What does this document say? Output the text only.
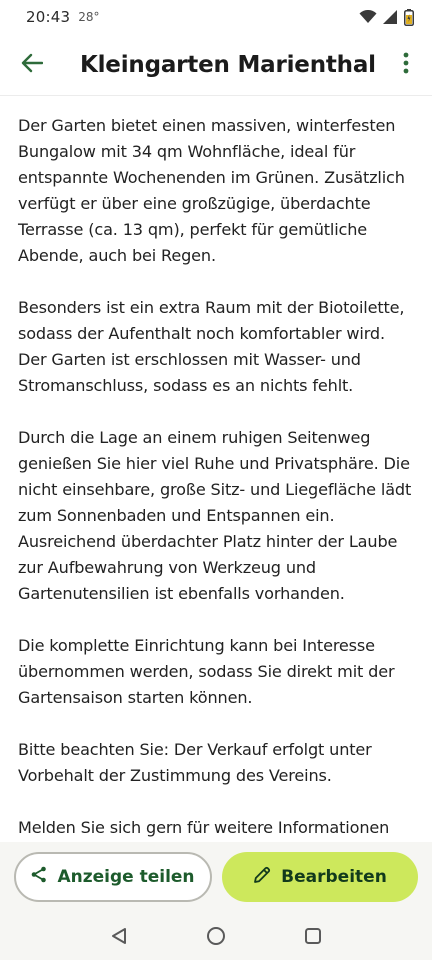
20:43 28°
Kleingarten Marienthal

Der Garten bietet einen massiven, winterfesten Bungalow mit 34 qm Wohnfläche, ideal für entspannte Wochenenden im Grünen. Zusätzlich verfügt er über eine großzügige, überdachte Terrasse (ca. 13 qm), perfekt für gemütliche Abende, auch bei Regen.

Besonders ist ein extra Raum mit der Biotoilette, sodass der Aufenthalt noch komfortabler wird. Der Garten ist erschlossen mit Wasser- und Stromanschluss, sodass es an nichts fehlt.

Durch die Lage an einem ruhigen Seitenweg genießen Sie hier viel Ruhe und Privatsphäre. Die nicht einsehbare, große Sitz- und Liegefläche lädt zum Sonnenbaden und Entspannen ein. Ausreichend überdachter Platz hinter der Laube zur Aufbewahrung von Werkzeug und Gartenutensilien ist ebenfalls vorhanden.

Die komplette Einrichtung kann bei Interesse übernommen werden, sodass Sie direkt mit der Gartensaison starten können.

Bitte beachten Sie: Der Verkauf erfolgt unter Vorbehalt der Zustimmung des Vereins.

Melden Sie sich gern für weitere Informationen

Anzeige teilen	Bearbeiten
